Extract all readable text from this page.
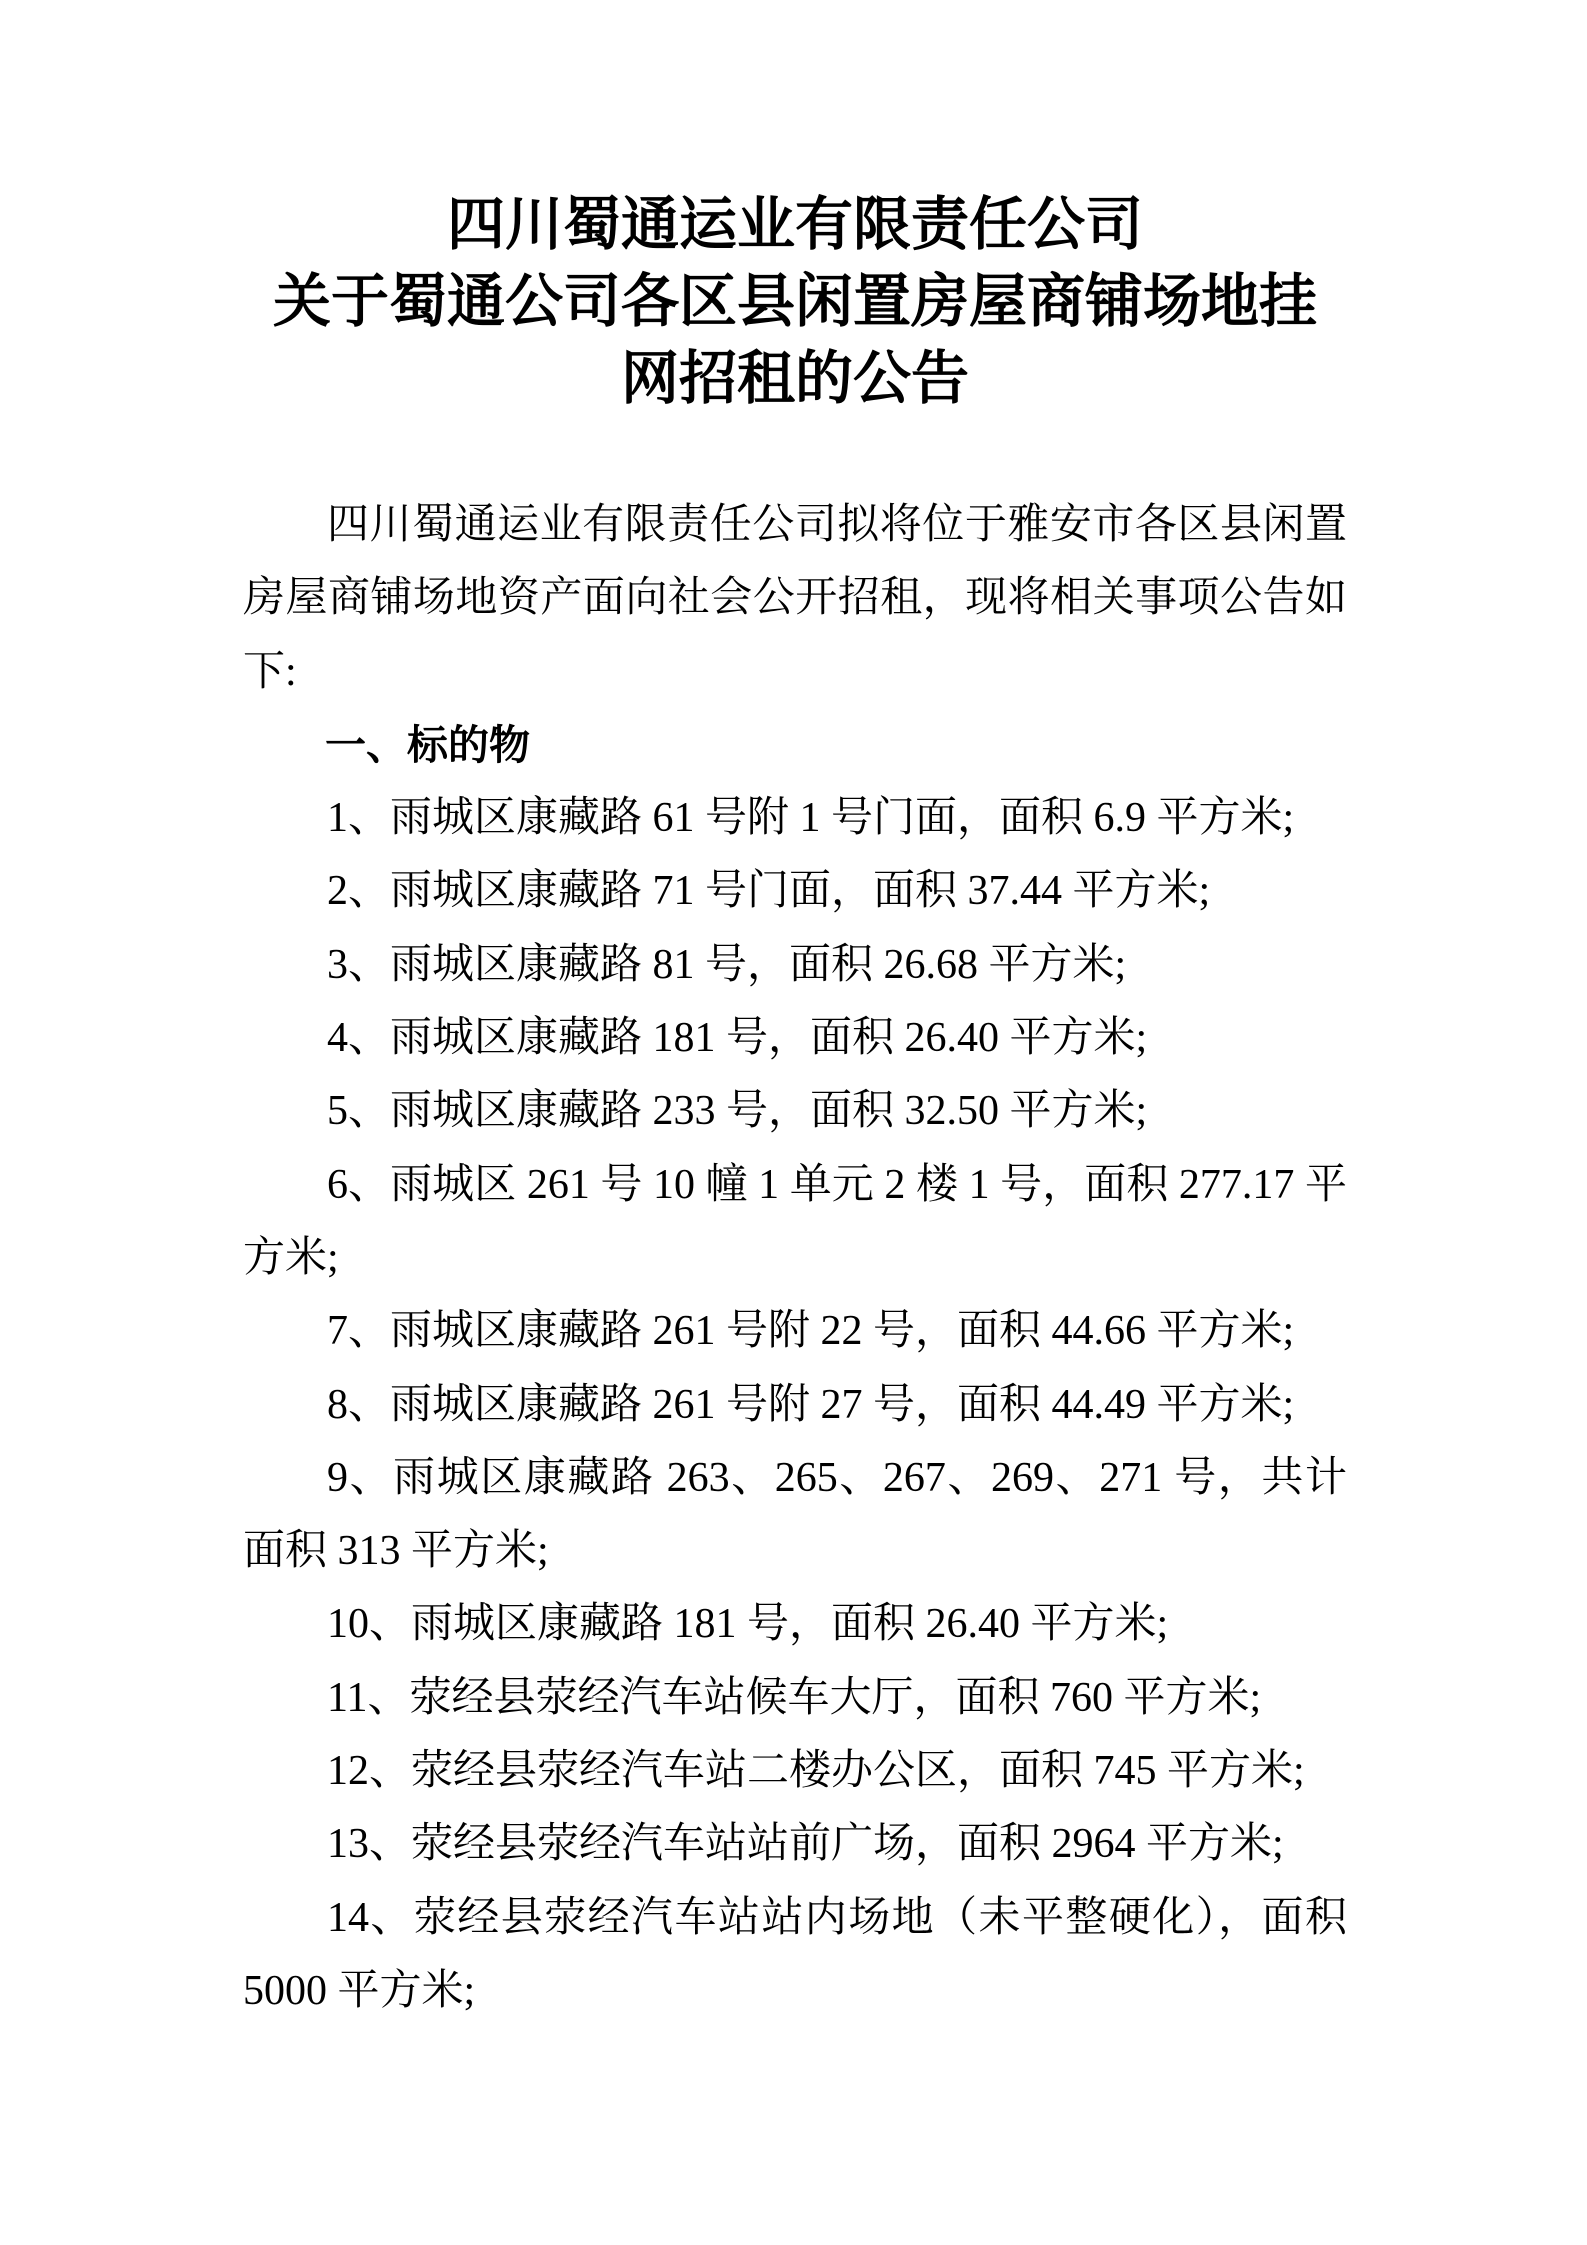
四川蜀通运业有限责任公司
关于蜀通公司各区县闲置房屋商铺场地挂
网招租的公告

四川蜀通运业有限责任公司拟将位于雅安市各区县闲置房屋商铺场地资产面向社会公开招租，现将相关事项公告如下:

一、标的物

1、雨城区康藏路 61 号附 1 号门面，面积 6.9 平方米;

2、雨城区康藏路 71 号门面，面积 37.44 平方米;

3、雨城区康藏路 81 号，面积 26.68 平方米;

4、雨城区康藏路 181 号，面积 26.40 平方米;

5、雨城区康藏路 233 号，面积 32.50 平方米;

6、雨城区 261 号 10 幢 1 单元 2 楼 1 号，面积 277.17 平方米;

7、雨城区康藏路 261 号附 22 号，面积 44.66 平方米;

8、雨城区康藏路 261 号附 27 号，面积 44.49 平方米;

9、雨城区康藏路 263、265、267、269、271 号，共计面积 313 平方米;

10、雨城区康藏路 181 号，面积 26.40 平方米;

11、荥经县荥经汽车站候车大厅，面积 760 平方米;

12、荥经县荥经汽车站二楼办公区，面积 745 平方米;

13、荥经县荥经汽车站站前广场，面积 2964 平方米;

14、荥经县荥经汽车站站内场地（未平整硬化），面积 5000 平方米;
